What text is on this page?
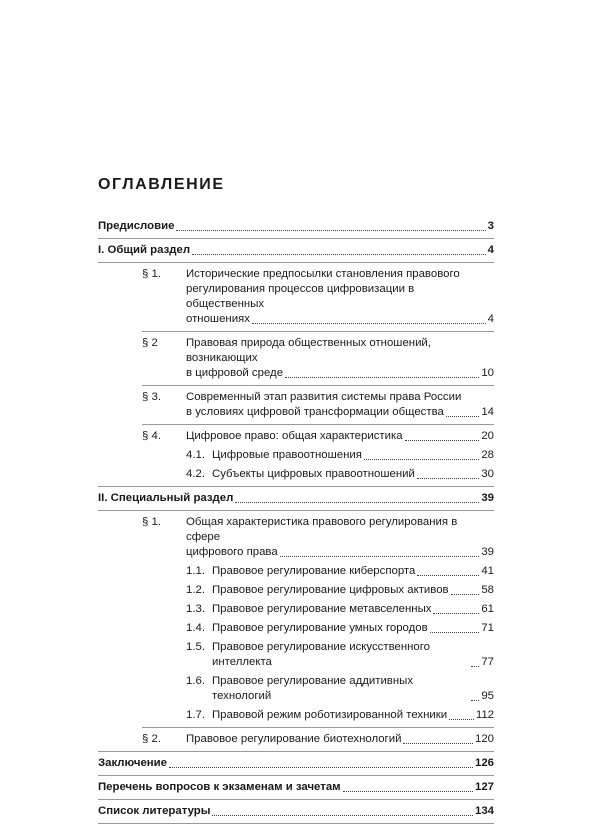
ОГЛАВЛЕНИЕ
Предисловие	3
I. Общий раздел	4
§ 1.	Исторические предпосылки становления правового
регулирования процессов цифровизации в общественных
отношениях	4
§ 2	Правовая природа общественных отношений, возникающих
в цифровой среде	10
§ 3.	Современный этап развития системы права России
в условиях цифровой трансформации общества	14
§ 4.	Цифровое право: общая характеристика	20
4.1. Цифровые правоотношения	28
4.2. Субъекты цифровых правоотношений	30
II. Специальный раздел	39
§ 1.	Общая характеристика правового регулирования в сфере
цифрового права	39
1.1. Правовое регулирование киберспорта	41
1.2. Правовое регулирование цифровых активов	58
1.3. Правовое регулирование метавселенных	61
1.4. Правовое регулирование умных городов	71
1.5. Правовое регулирование искусственного интеллекта	77
1.6. Правовое регулирование аддитивных технологий	95
1.7. Правовой режим роботизированной техники	112
§ 2.	Правовое регулирование биотехнологий	120
Заключение	126
Перечень вопросов к экзаменам и зачетам	127
Список литературы	134
